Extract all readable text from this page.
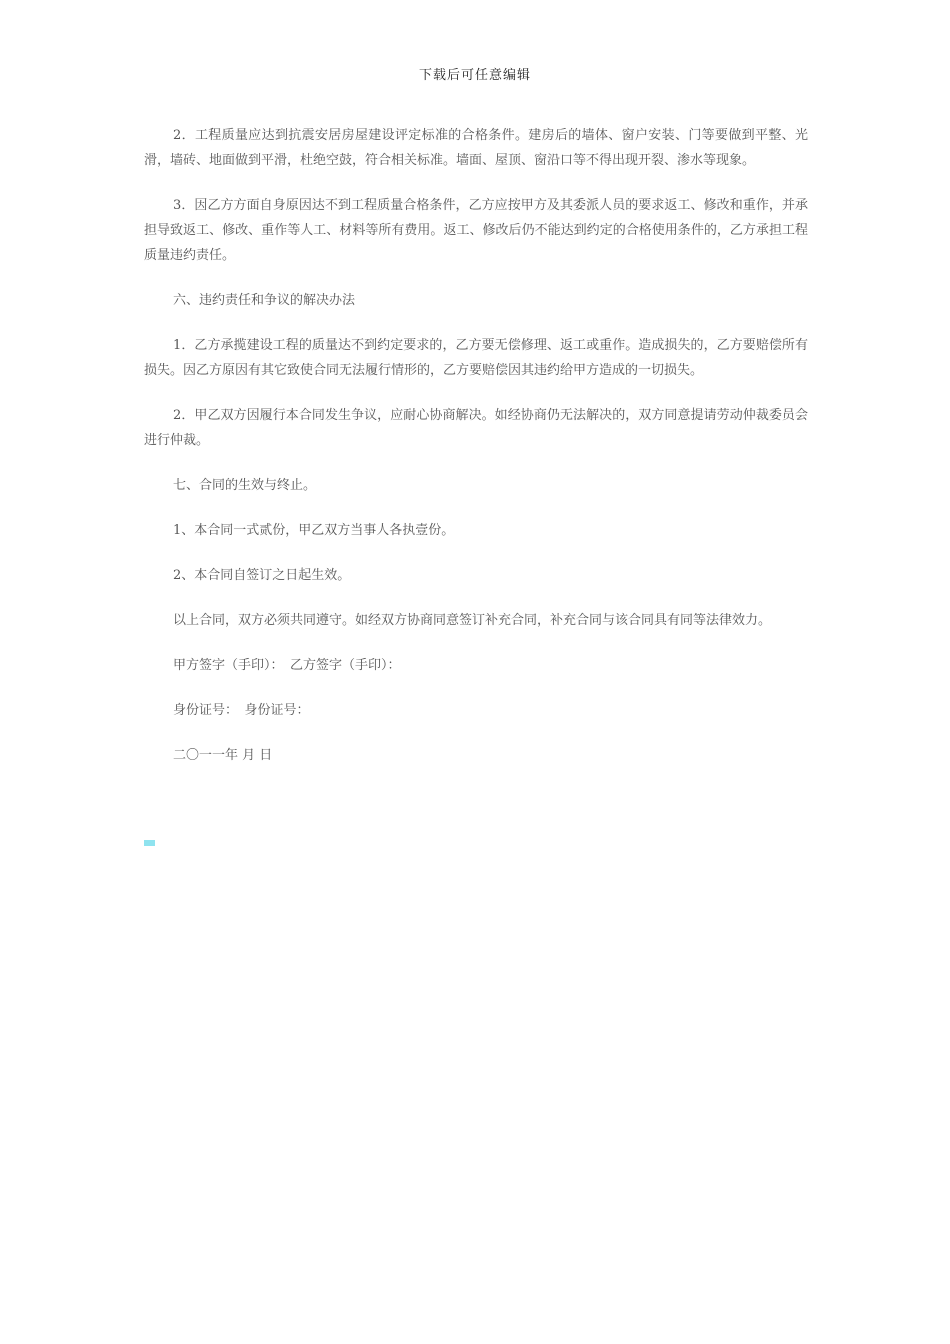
下载后可任意编辑

2．工程质量应达到抗震安居房屋建设评定标准的合格条件。建房后的墙体、窗户安装、门等要做到平整、光滑，墙砖、地面做到平滑，杜绝空鼓，符合相关标准。墙面、屋顶、窗沿口等不得出现开裂、渗水等现象。

3．因乙方方面自身原因达不到工程质量合格条件，乙方应按甲方及其委派人员的要求返工、修改和重作，并承担导致返工、修改、重作等人工、材料等所有费用。返工、修改后仍不能达到约定的合格使用条件的，乙方承担工程质量违约责任。

六、违约责任和争议的解决办法

1．乙方承揽建设工程的质量达不到约定要求的，乙方要无偿修理、返工或重作。造成损失的，乙方要赔偿所有损失。因乙方原因有其它致使合同无法履行情形的，乙方要赔偿因其违约给甲方造成的一切损失。

2．甲乙双方因履行本合同发生争议，应耐心协商解决。如经协商仍无法解决的，双方同意提请劳动仲裁委员会进行仲裁。

七、合同的生效与终止。

1、本合同一式贰份，甲乙双方当事人各执壹份。

2、本合同自签订之日起生效。

以上合同，双方必须共同遵守。如经双方协商同意签订补充合同，补充合同与该合同具有同等法律效力。

甲方签字（手印）：　乙方签字（手印）：

身份证号：　身份证号：

二〇一一年 月 日
